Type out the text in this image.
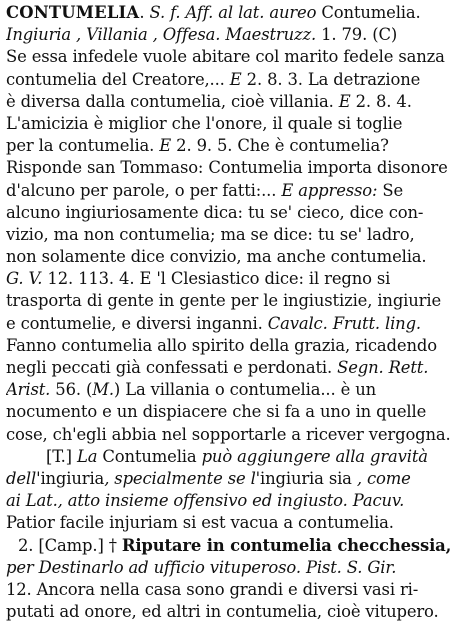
CONTUMELIA. S. f. Aff. al lat. aureo Contumelia.
Ingiuria , Villania , Offesa. Maestruzz. 1. 79. (C)
Se essa infedele vuole abitare col marito fedele sanza
contumelia del Creatore,... E 2. 8. 3. La detrazione
è diversa dalla contumelia, cioè villania. E 2. 8. 4.
L'amicizia è miglior che l'onore, il quale si toglie
per la contumelia. E 2. 9. 5. Che è contumelia?
Risponde san Tommaso: Contumelia importa disonore
d'alcuno per parole, o per fatti:... E appresso: Se
alcuno ingiuriosamente dica: tu se' cieco, dice con-
vizio, ma non contumelia; ma se dice: tu se' ladro,
non solamente dice convizio, ma anche contumelia.
G. V. 12. 113. 4. E 'l Clesiastico dice: il regno si
trasporta di gente in gente per le ingiustizie, ingiurie
e contumelie, e diversi inganni. Cavalc. Frutt. ling.
Fanno contumelia allo spirito della grazia, ricadendo
negli peccati già confessati e perdonati. Segn. Rett.
Arist. 56. (M.) La villania o contumelia... è un
nocumento e un dispiacere che si fa a uno in quelle
cose, ch'egli abbia nel sopportarle a ricever vergogna.
[T.] La Contumelia può aggiungere alla gravità
dell'ingiuria, specialmente se l'ingiuria sia , come
ai Lat., atto insieme offensivo ed ingiusto. Pacuv.
Patior facile injuriam si est vacua a contumelia.
2. [Camp.] † Riputare in contumelia checchessia,
per Destinarlo ad ufficio vituperoso. Pist. S. Gir.
12. Ancora nella casa sono grandi e diversi vasi ri-
putati ad onore, ed altri in contumelia, cioè vitupero.
